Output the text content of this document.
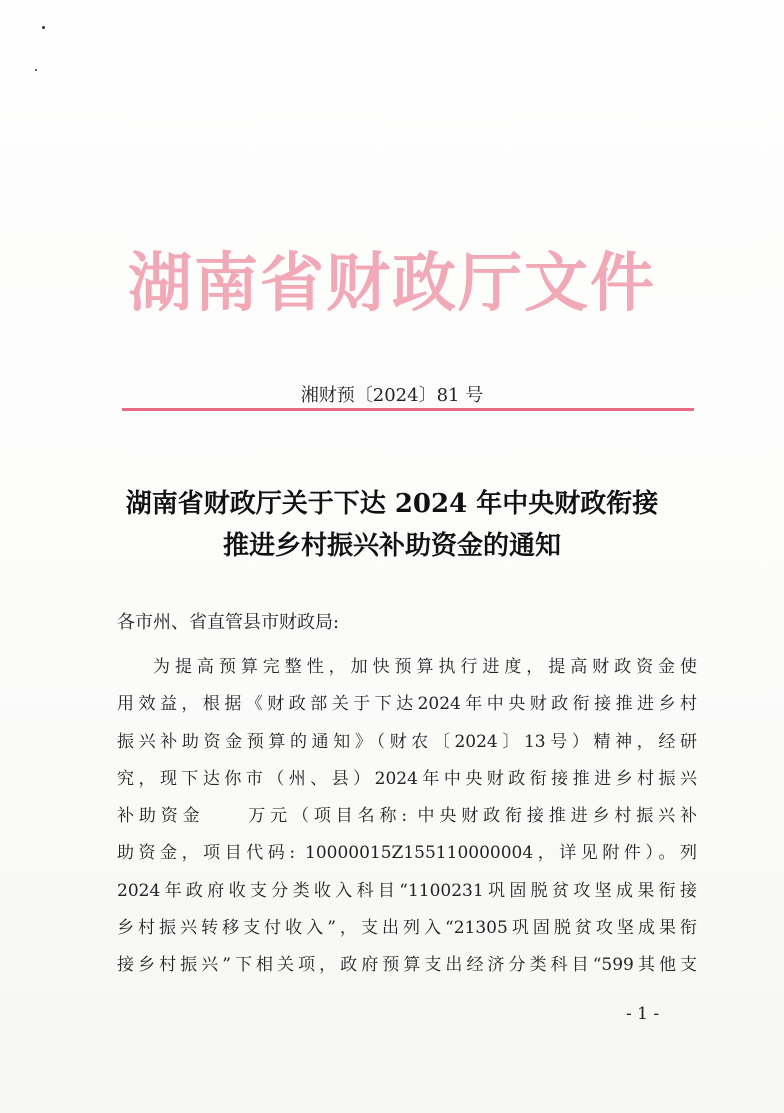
湖南省财政厅文件
湘财预〔2024〕81 号
湖南省财政厅关于下达 2024 年中央财政衔接
推进乡村振兴补助资金的通知
各市州、省直管县市财政局:
为提高预算完整性，加快预算执行进度，提高财政资金使
用效益，根据《财政部关于下达2024年中央财政衔接推进乡村
振兴补助资金预算的通知》（财农〔2024〕13号）精神，经研
究，现下达你市（州、县）2024年中央财政衔接推进乡村振兴
补助资金　　万元（项目名称: 中央财政衔接推进乡村振兴补
助资金，项目代码: 10000015Z155110000004，详见附件）。列
2024年政府收支分类收入科目“1100231巩固脱贫攻坚成果衔接
乡村振兴转移支付收入”，支出列入“21305巩固脱贫攻坚成果衔
接乡村振兴”下相关项，政府预算支出经济分类科目“599其他支
- 1 -
